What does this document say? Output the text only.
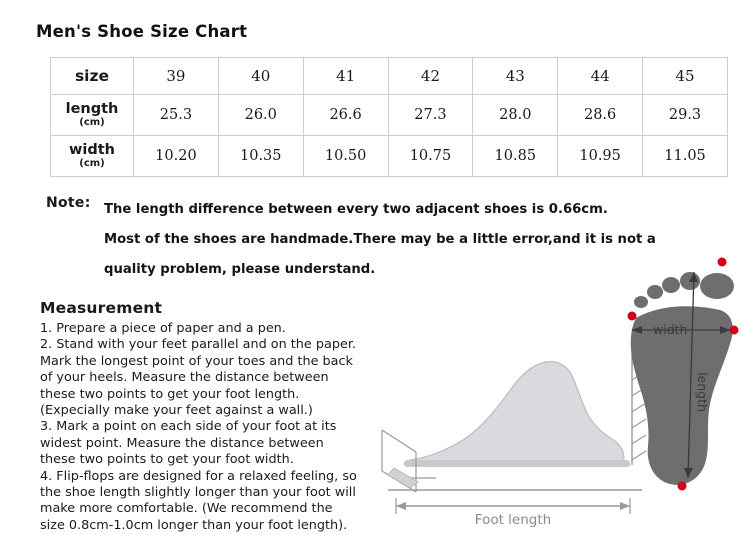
Men's Shoe Size Chart
size	39	40	41	42	43	44	45
length
(cm)	25.3	26.0	26.6	27.3	28.0	28.6	29.3
width
(cm)	10.20	10.35	10.50	10.75	10.85	10.95	11.05
Note: The length difference between every two adjacent shoes is 0.66cm.
Most of the shoes are handmade.There may be a little error,and it is not a
quality problem, please understand.
Measurement

1. Prepare a piece of paper and a pen.

2. Stand with your feet parallel and on the paper.

Mark the longest point of your toes and the back

of your heels. Measure the distance between

these two points to get your foot length.

(Expecially make your feet against a wall.)

3. Mark a point on each side of your foot at its

widest point. Measure the distance between

these two points to get your foot width.

4. Flip-flops are designed for a relaxed feeling, so

the shoe length slightly longer than your foot will

make more comfortable. (We recommend the

size 0.8cm-1.0cm longer than your foot length).	Foot length
width
length
